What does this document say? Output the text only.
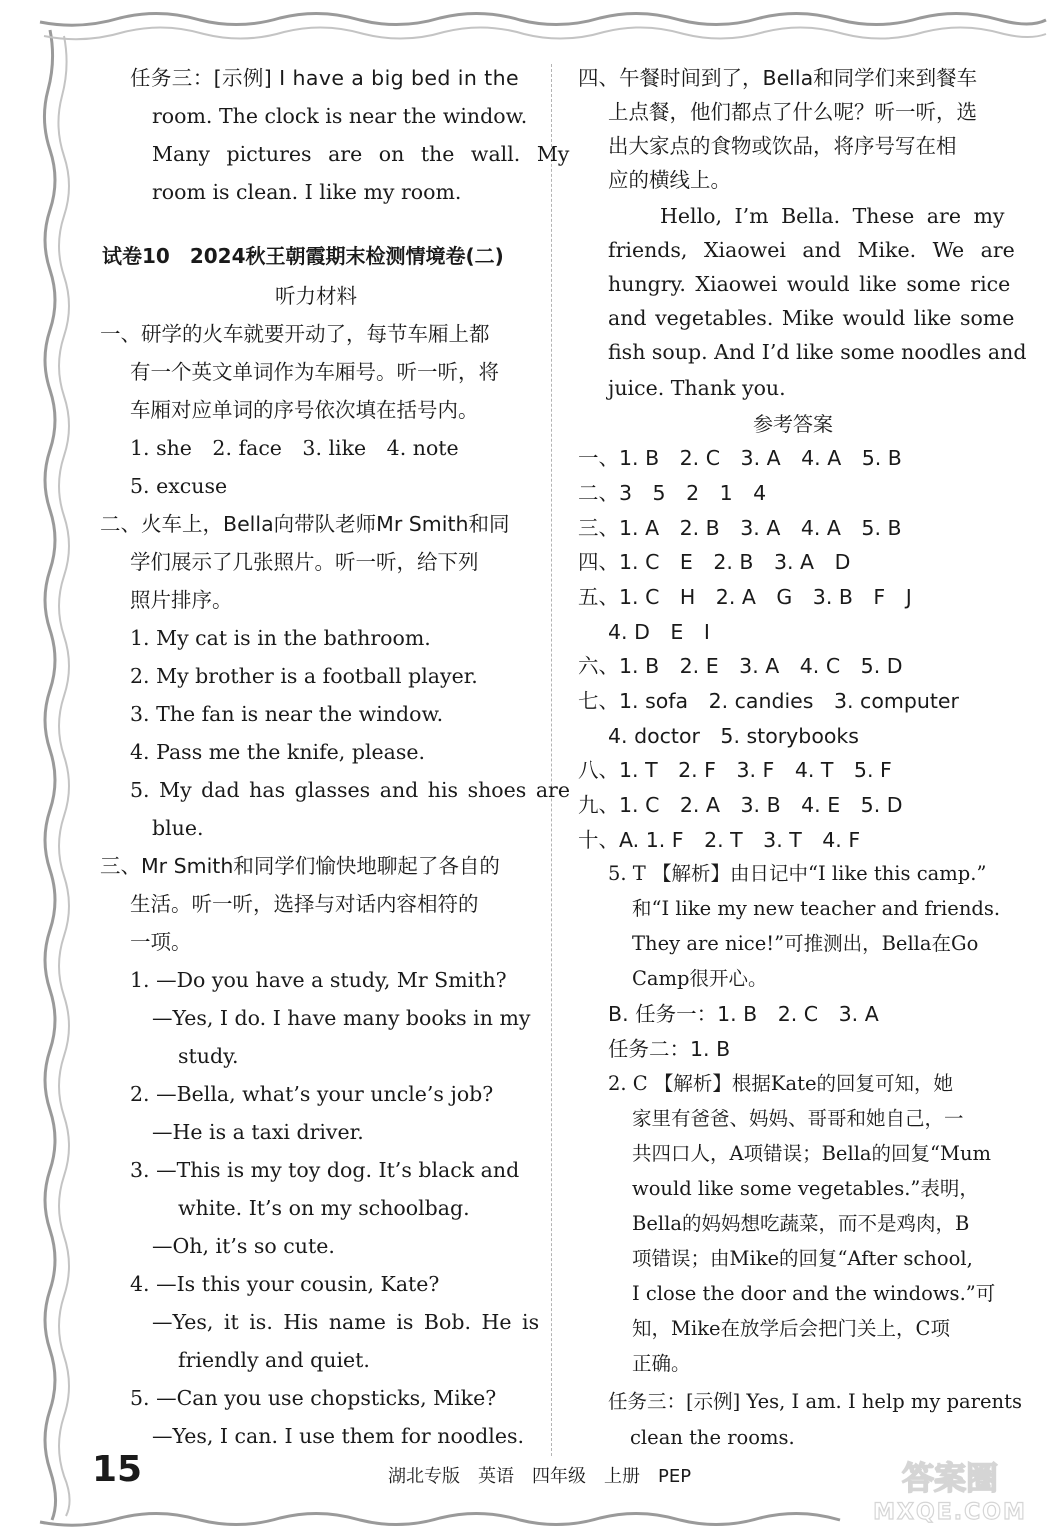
任务三：[示例] I have a big bed in the
room. The clock is near the window.
Many pictures are on the wall. My
room is clean. I like my room.
试卷10　2024秋王朝霞期末检测情境卷(二)
听力材料
一、研学的火车就要开动了，每节车厢上都
有一个英文单词作为车厢号。听一听，将
车厢对应单词的序号依次填在括号内。
1. she　2. face　3. like　4. note
5. excuse
二、火车上，Bella向带队老师Mr Smith和同
学们展示了几张照片。听一听，给下列
照片排序。
1. My cat is in the bathroom.
2. My brother is a football player.
3. The fan is near the window.
4. Pass me the knife, please.
5. My dad has glasses and his shoes are
blue.
三、Mr Smith和同学们愉快地聊起了各自的
生活。听一听，选择与对话内容相符的
一项。
1. —Do you have a study, Mr Smith?
—Yes, I do. I have many books in my
study.
2. —Bella, what’s your uncle’s job?
—He is a taxi driver.
3. —This is my toy dog. It’s black and
white. It’s on my schoolbag.
—Oh, it’s so cute.
4. —Is this your cousin, Kate?
—Yes, it is. His name is Bob. He is
friendly and quiet.
5. —Can you use chopsticks, Mike?
—Yes, I can. I use them for noodles.
四、午餐时间到了，Bella和同学们来到餐车
上点餐，他们都点了什么呢？听一听，选
出大家点的食物或饮品，将序号写在相
应的横线上。
Hello, I’m Bella. These are my
friends, Xiaowei and Mike. We are
hungry. Xiaowei would like some rice
and vegetables. Mike would like some
fish soup. And I’d like some noodles and
juice. Thank you.
参考答案
一、1. B　2. C　3. A　4. A　5. B
二、3　5　2　1　4
三、1. A　2. B　3. A　4. A　5. B
四、1. C　E　2. B　3. A　D
五、1. C　H　2. A　G　3. B　F　J
4. D　E　I
六、1. B　2. E　3. A　4. C　5. D
七、1. sofa　2. candies　3. computer
4. doctor　5. storybooks
八、1. T　2. F　3. F　4. T　5. F
九、1. C　2. A　3. B　4. E　5. D
十、A. 1. F　2. T　3. T　4. F
5. T 【解析】由日记中“I like this camp.”
和“I like my new teacher and friends.
They are nice!”可推测出，Bella在Go
Camp很开心。
B. 任务一：1. B　2. C　3. A
任务二：1. B
2. C 【解析】根据Kate的回复可知，她
家里有爸爸、妈妈、哥哥和她自己，一
共四口人，A项错误；Bella的回复“Mum
would like some vegetables.”表明，
Bella的妈妈想吃蔬菜，而不是鸡肉，B
项错误；由Mike的回复“After school,
I close the door and the windows.”可
知，Mike在放学后会把门关上，C项
正确。
任务三：[示例] Yes, I am. I help my parents
clean the rooms.
15	湖北专版　英语　四年级　上册　PEP	答案圈
MXQE.COM
